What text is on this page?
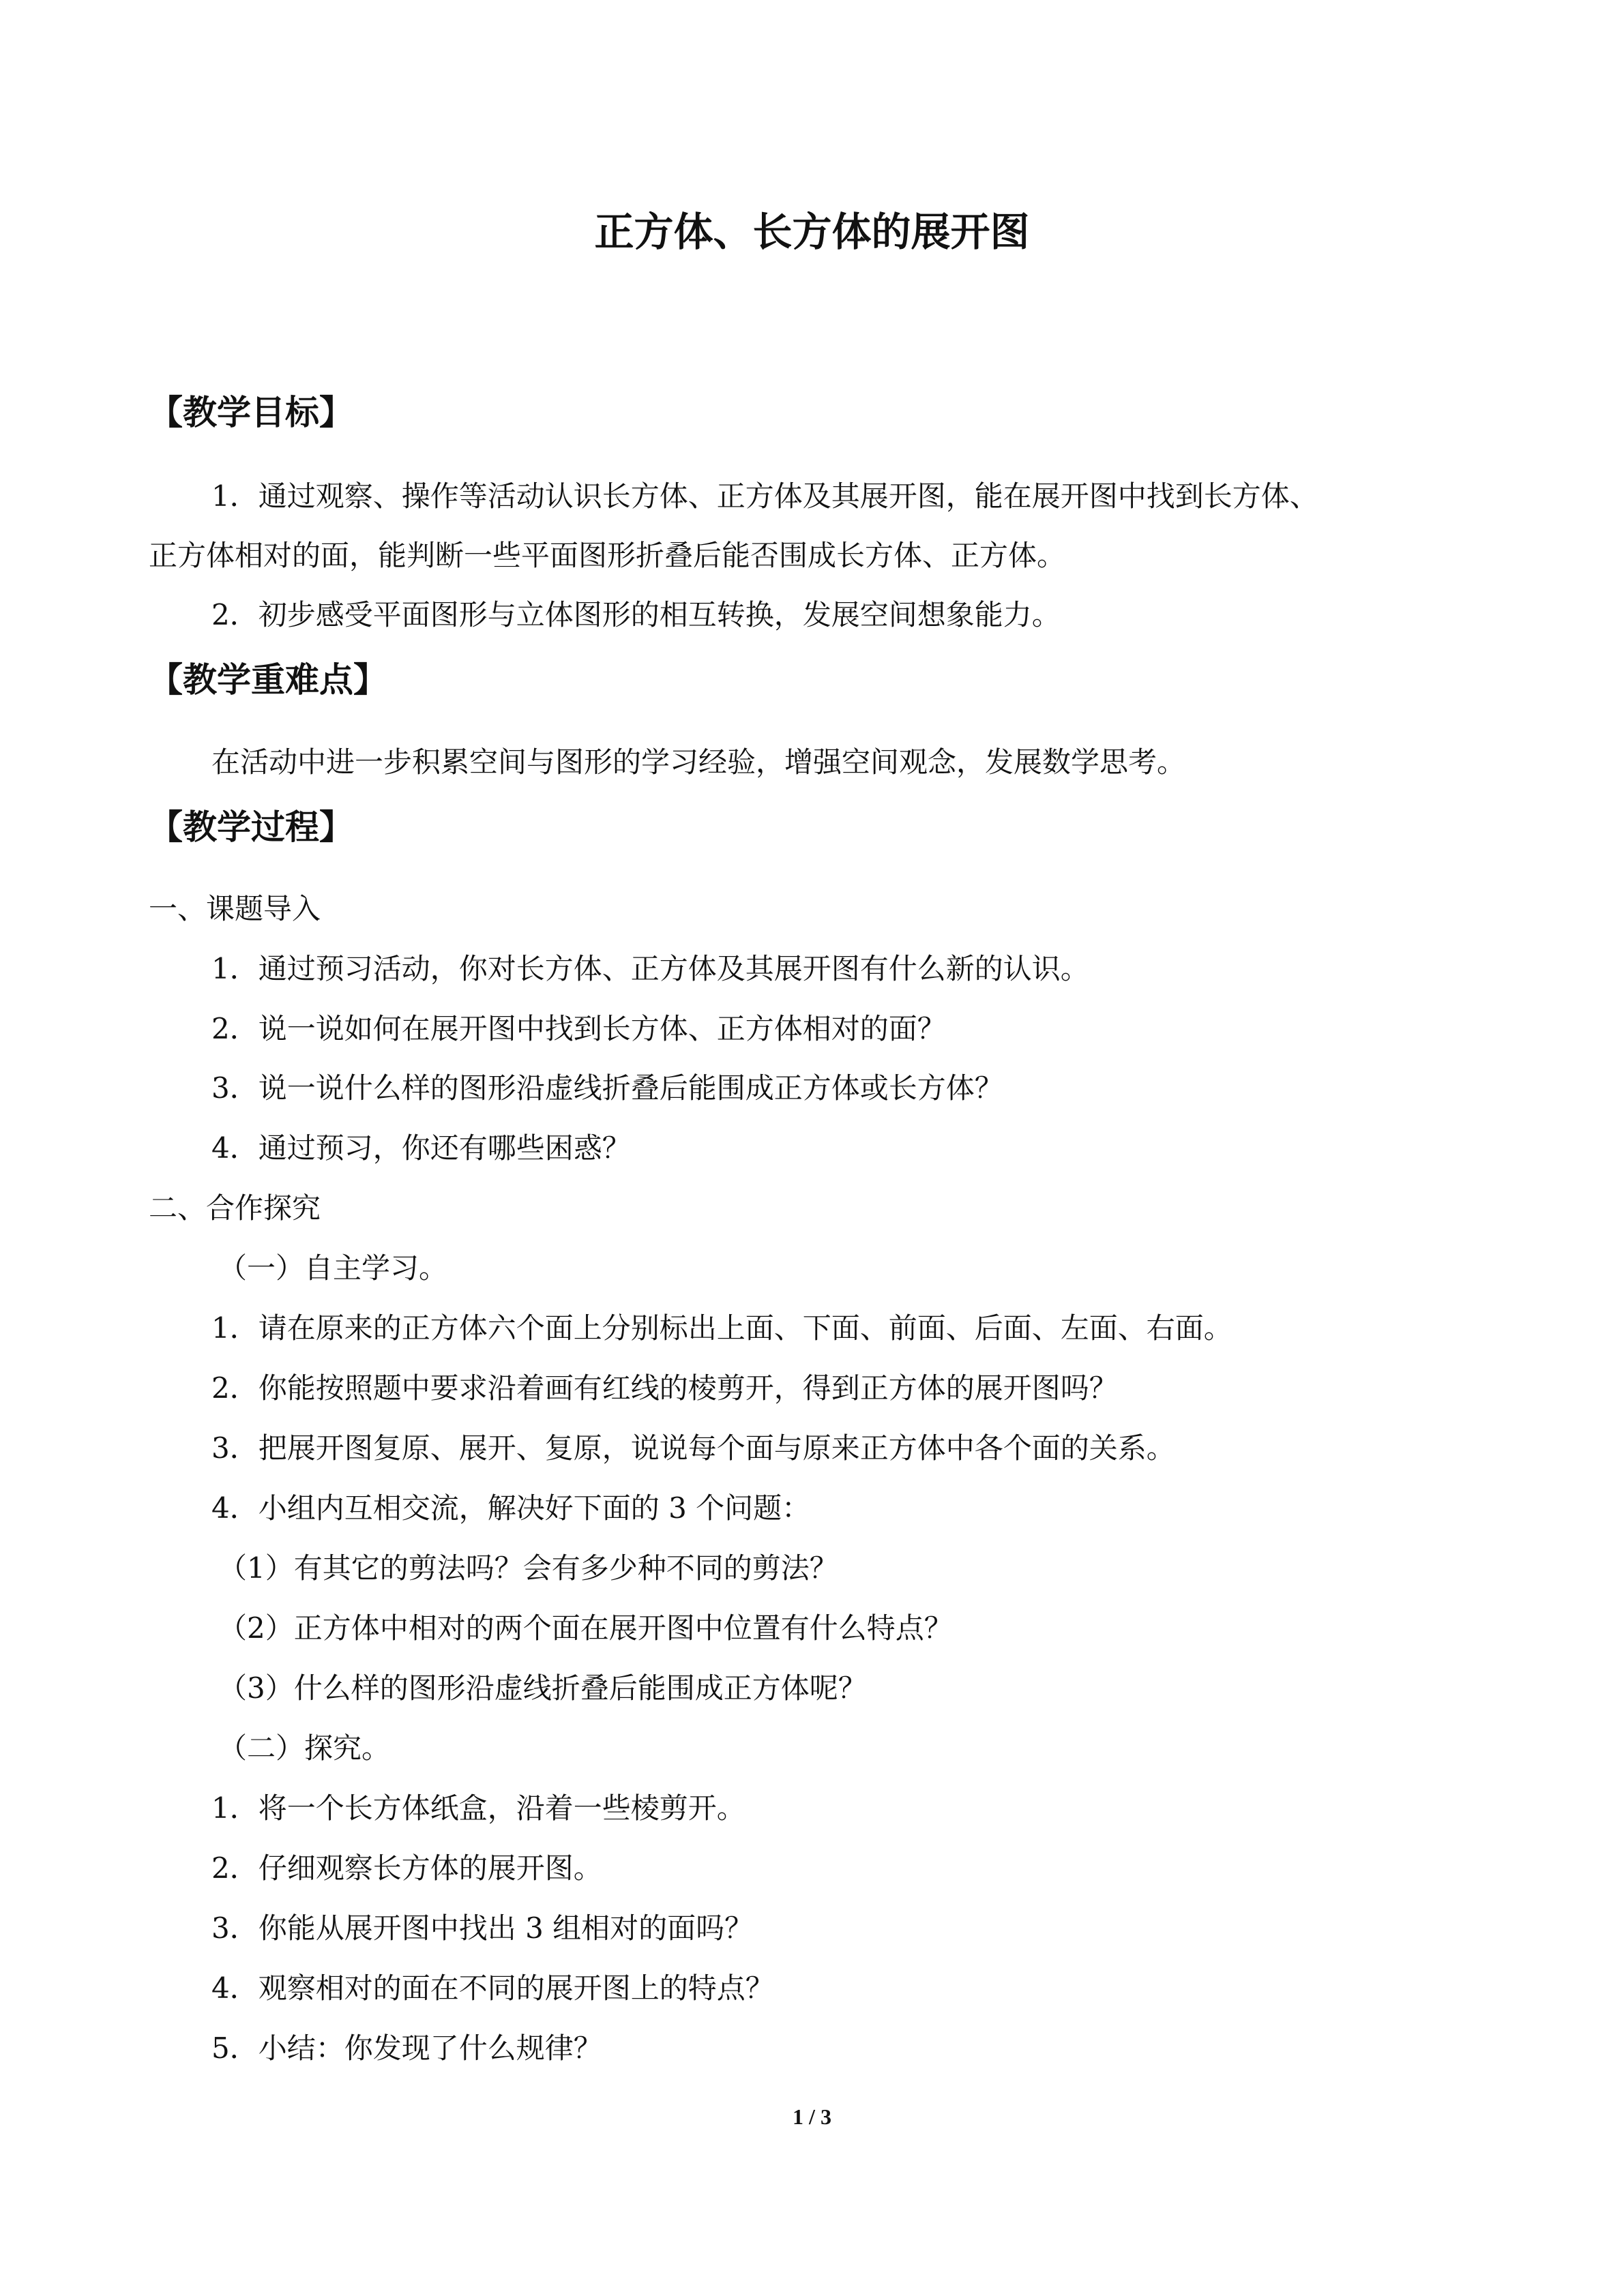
正方体、长方体的展开图
【教学目标】

1．通过观察、操作等活动认识长方体、正方体及其展开图，能在展开图中找到长方体、

正方体相对的面，能判断一些平面图形折叠后能否围成长方体、正方体。

2．初步感受平面图形与立体图形的相互转换，发展空间想象能力。

【教学重难点】

在活动中进一步积累空间与图形的学习经验，增强空间观念，发展数学思考。

【教学过程】

一、课题导入

1．通过预习活动，你对长方体、正方体及其展开图有什么新的认识。

2．说一说如何在展开图中找到长方体、正方体相对的面？

3．说一说什么样的图形沿虚线折叠后能围成正方体或长方体？

4．通过预习，你还有哪些困惑？

二、合作探究

（一）自主学习。

1．请在原来的正方体六个面上分别标出上面、下面、前面、后面、左面、右面。

2．你能按照题中要求沿着画有红线的棱剪开，得到正方体的展开图吗？

3．把展开图复原、展开、复原，说说每个面与原来正方体中各个面的关系。

4．小组内互相交流，解决好下面的 3 个问题：

（1）有其它的剪法吗？会有多少种不同的剪法？

（2）正方体中相对的两个面在展开图中位置有什么特点？

（3）什么样的图形沿虚线折叠后能围成正方体呢？

（二）探究。

1．将一个长方体纸盒，沿着一些棱剪开。

2．仔细观察长方体的展开图。

3．你能从展开图中找出 3 组相对的面吗？

4．观察相对的面在不同的展开图上的特点？

5．小结：你发现了什么规律？

1 / 3
